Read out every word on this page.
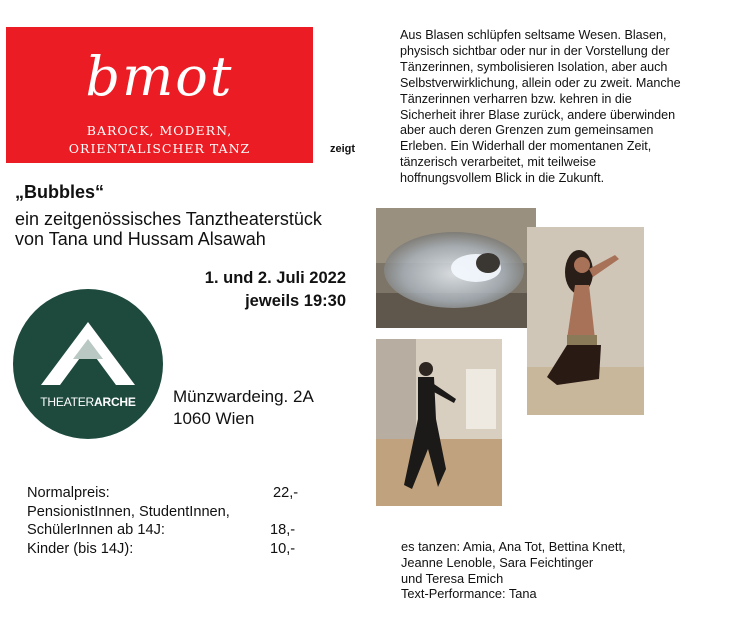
bmot
BAROCK, MODERN,
ORIENTALISCHER TANZ	zeigt
Aus Blasen schlüpfen seltsame Wesen. Blasen, physisch sichtbar oder nur in der Vorstellung der Tänzerinnen, symbolisieren Isolation, aber auch Selbstverwirklichung, allein oder zu zweit. Manche Tänzerinnen verharren bzw. kehren in die Sicherheit ihrer Blase zurück, andere überwinden aber auch deren Grenzen zum gemeinsamen Erleben. Ein Widerhall der momentanen Zeit, tänzerisch verarbeitet, mit teilweise hoffnungsvollem Blick in die Zukunft.
„Bubbles“
ein zeitgenössisches Tanztheaterstück
von Tana und Hussam Alsawah
1. und 2. Juli 2022
jeweils 19:30
THEATERARCHE	Münzwardeing. 2A
1060 Wien
Normalpreis:	22,-
PensionistInnen, StudentInnen,
SchülerInnen ab 14J:	18,-
Kinder (bis 14J):	10,-	es tanzen: Amia, Ana Tot, Bettina Knett,
Jeanne Lenoble, Sara Feichtinger
und Teresa Emich
Text-Performance: Tana
